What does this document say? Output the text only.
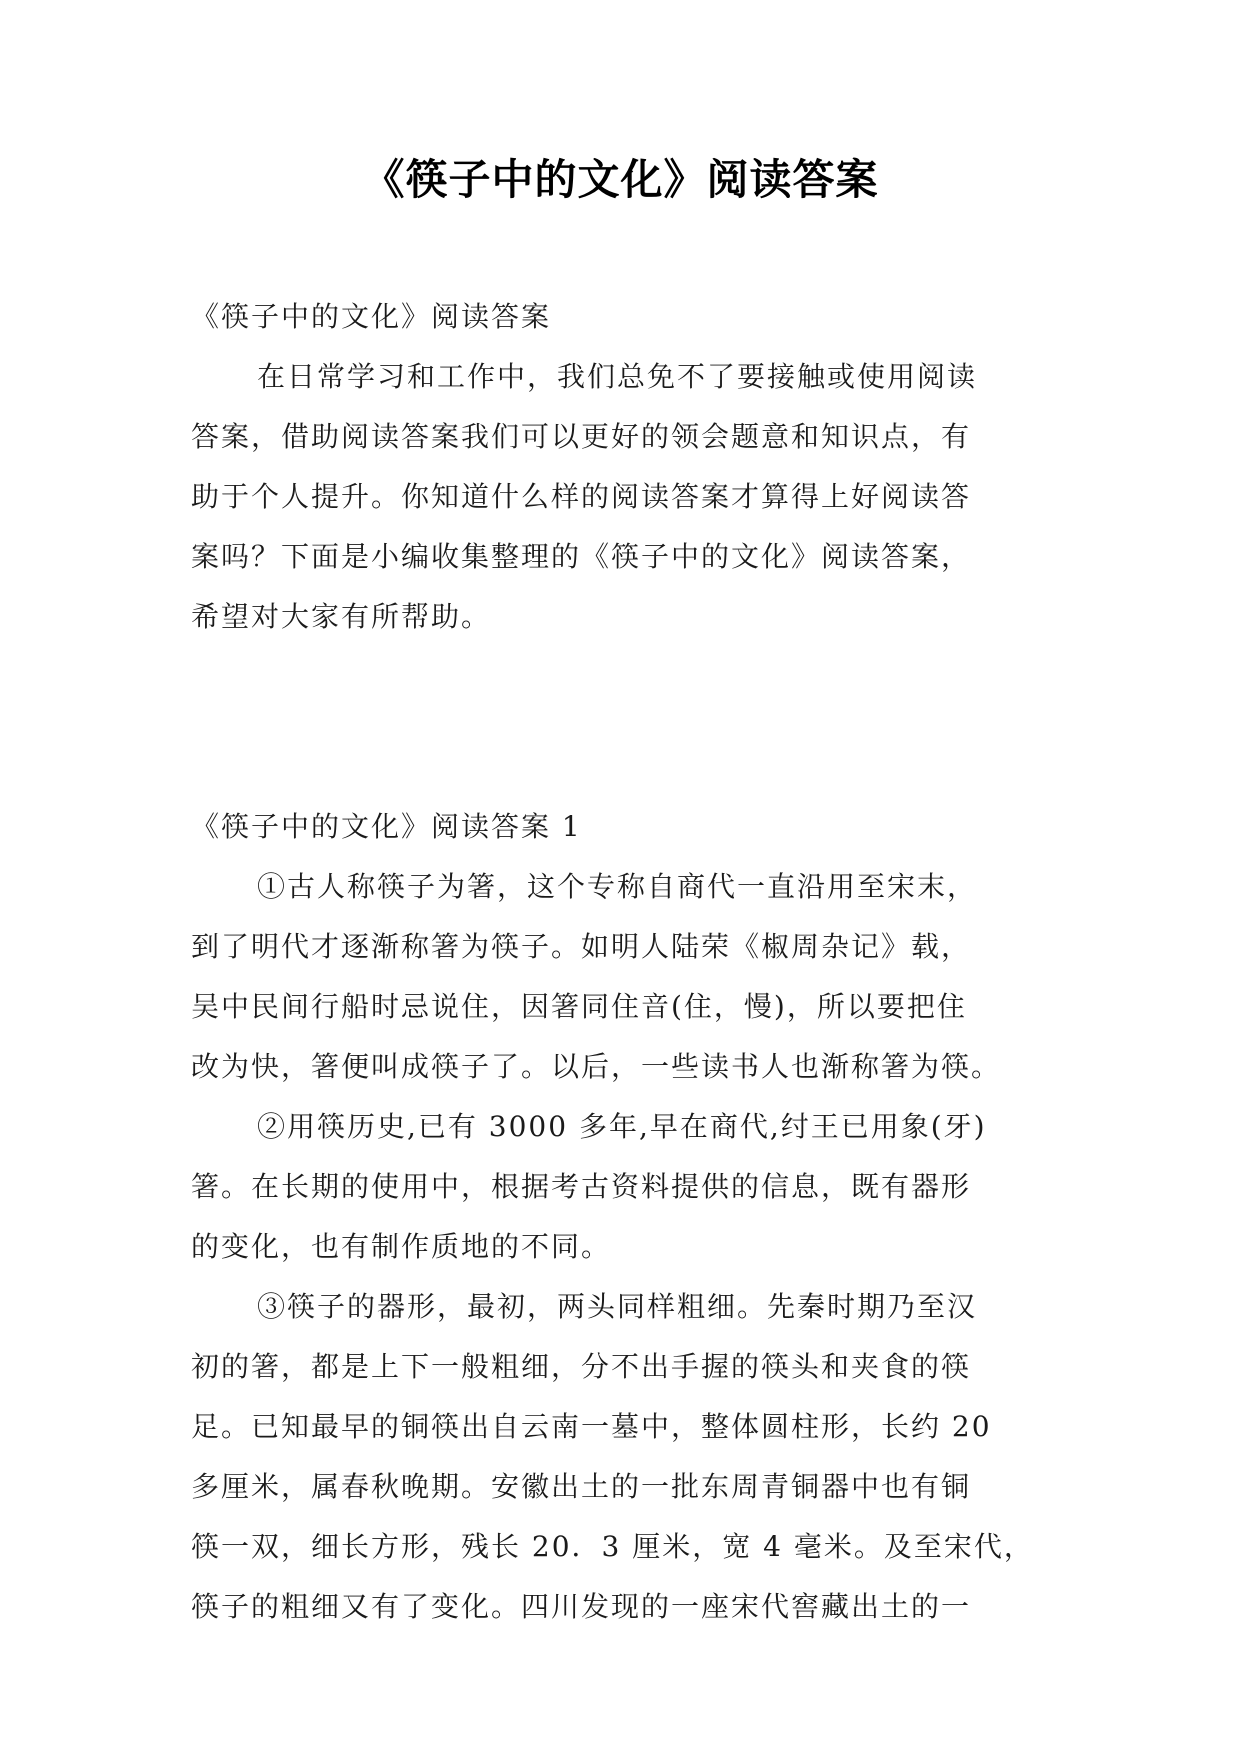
《筷子中的文化》阅读答案
《筷子中的文化》阅读答案
在日常学习和工作中，我们总免不了要接触或使用阅读
答案，借助阅读答案我们可以更好的领会题意和知识点，有
助于个人提升。你知道什么样的阅读答案才算得上好阅读答
案吗？下面是小编收集整理的《筷子中的文化》阅读答案，
希望对大家有所帮助。
《筷子中的文化》阅读答案 1
①古人称筷子为箸，这个专称自商代一直沿用至宋末，
到了明代才逐渐称箸为筷子。如明人陆荣《椒周杂记》载，
吴中民间行船时忌说住，因箸同住音(住，慢)，所以要把住
改为快，箸便叫成筷子了。以后，一些读书人也渐称箸为筷。
②用筷历史,已有 3000 多年,早在商代,纣王已用象(牙)
箸。在长期的使用中，根据考古资料提供的信息，既有器形
的变化，也有制作质地的不同。
③筷子的器形，最初，两头同样粗细。先秦时期乃至汉
初的箸，都是上下一般粗细，分不出手握的筷头和夹食的筷
足。已知最早的铜筷出自云南一墓中，整体圆柱形，长约 20
多厘米，属春秋晚期。安徽出土的一批东周青铜器中也有铜
筷一双，细长方形，残长 20．3 厘米，宽 4 毫米。及至宋代，
筷子的粗细又有了变化。四川发现的一座宋代窖藏出土的一
